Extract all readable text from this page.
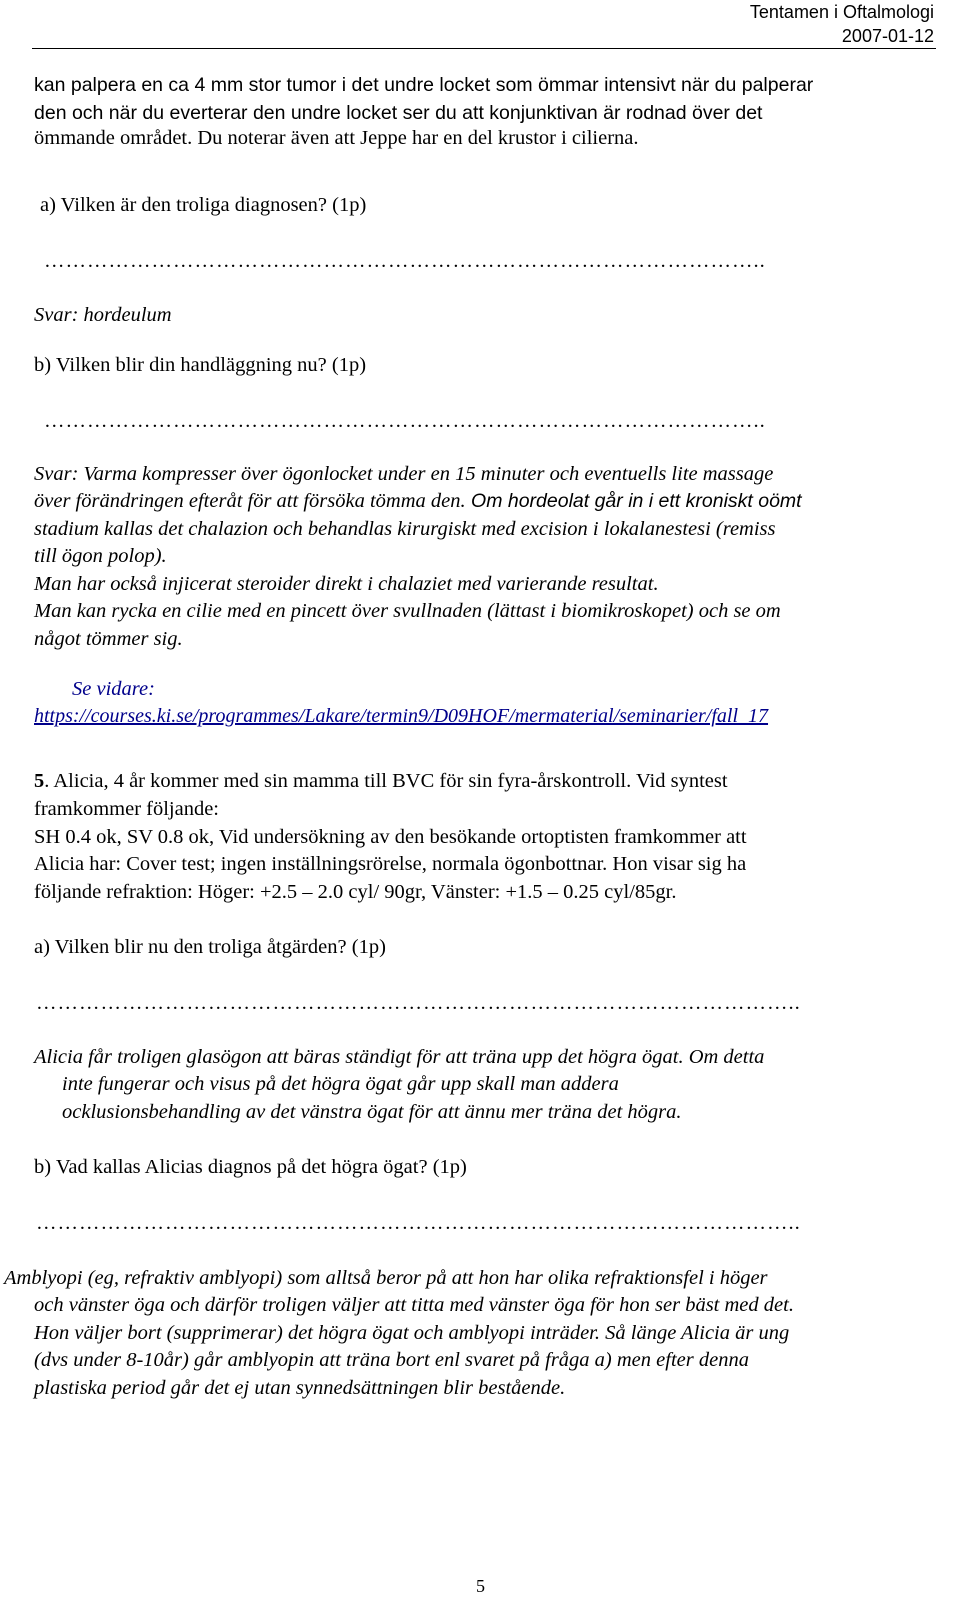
Tentamen i Oftalmologi
2007-01-12
kan palpera en ca 4 mm stor tumor i det undre locket som ömmar intensivt när du palperar
den och när du everterar den undre locket ser du att konjunktivan är rodnad över det
ömmande området. Du noterar även att Jeppe har en del krustor i cilierna.
a) Vilken är den troliga diagnosen? (1p)
………………………………………………………………………………………..
Svar: hordeulum
b) Vilken blir din handläggning nu? (1p)
………………………………………………………………………………………..
Svar: Varma kompresser över ögonlocket under en 15 minuter och eventuells lite massage
över förändringen efteråt för att försöka tömma den. Om hordeolat går in i ett kroniskt oömt
stadium kallas det chalazion och behandlas kirurgiskt med excision i lokalanestesi (remiss
till ögon polop).
Man har också injicerat steroider direkt i chalaziet med varierande resultat.
Man kan rycka en cilie med en pincett över svullnaden (lättast i biomikroskopet) och se om
något tömmer sig.
Se vidare:
https://courses.ki.se/programmes/Lakare/termin9/D09HOF/mermaterial/seminarier/fall_17
5. Alicia, 4 år kommer med sin mamma till BVC för sin fyra-årskontroll. Vid syntest
framkommer följande:
SH 0.4 ok, SV 0.8 ok, Vid undersökning av den besökande ortoptisten framkommer att
Alicia har: Cover test; ingen inställningsrörelse, normala ögonbottnar. Hon visar sig ha
följande refraktion: Höger: +2.5 – 2.0 cyl/ 90gr, Vänster: +1.5 – 0.25 cyl/85gr.
a) Vilken blir nu den troliga åtgärden? (1p)
……………………………………………………………………………………………..
Alicia får troligen glasögon att bäras ständigt för att träna upp det högra ögat. Om detta
inte fungerar och visus på det högra ögat går upp skall man addera
ocklusionsbehandling av det vänstra ögat för att ännu mer träna det högra.
b) Vad kallas Alicias diagnos på det högra ögat? (1p)
……………………………………………………………………………………………..
Amblyopi (eg, refraktiv amblyopi) som alltså beror på att hon har olika refraktionsfel i höger
och vänster öga och därför troligen väljer att titta med vänster öga för hon ser bäst med det.
Hon väljer bort (supprimerar) det högra ögat och amblyopi inträder. Så länge Alicia är ung
(dvs under 8-10år) går amblyopin att träna bort enl svaret på fråga a) men efter denna
plastiska period går det ej utan synnedsättningen blir bestående.
5
